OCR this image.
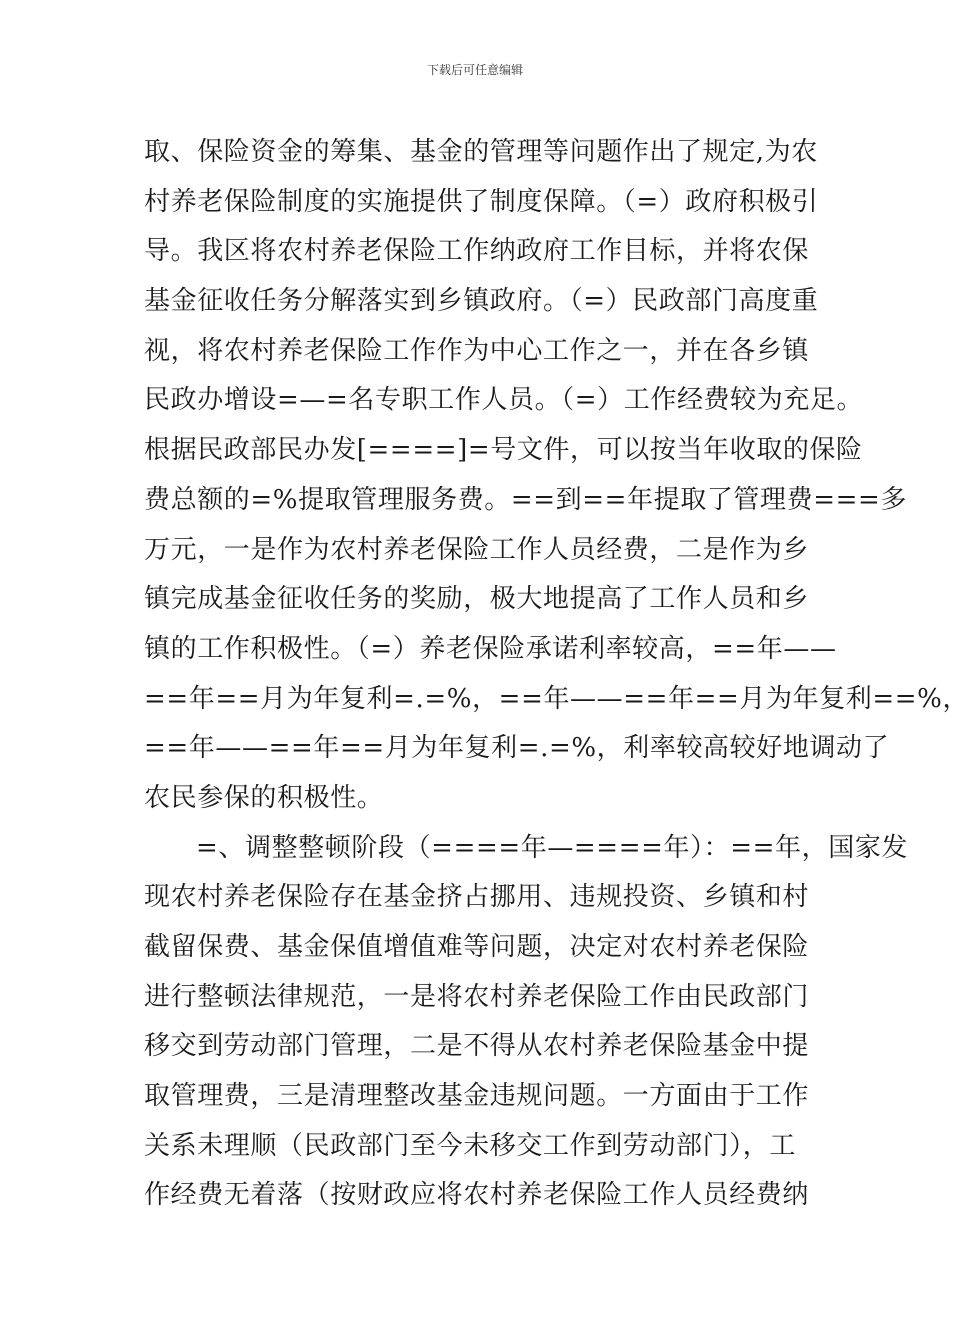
下载后可任意编辑
取、保险资金的筹集、基金的管理等问题作出了规定,为农
村养老保险制度的实施提供了制度保障。（=）政府积极引
导。我区将农村养老保险工作纳政府工作目标，并将农保
基金征收任务分解落实到乡镇政府。（=）民政部门高度重
视，将农村养老保险工作作为中心工作之一，并在各乡镇
民政办增设=—=名专职工作人员。（=）工作经费较为充足。
根据民政部民办发[====]=号文件，可以按当年收取的保险
费总额的=%提取管理服务费。==到==年提取了管理费===多
万元，一是作为农村养老保险工作人员经费，二是作为乡
镇完成基金征收任务的奖励，极大地提高了工作人员和乡
镇的工作积极性。（=）养老保险承诺利率较高，==年——
==年==月为年复利=.=%，==年——==年==月为年复利==%，
==年——==年==月为年复利=.=%，利率较高较好地调动了
农民参保的积极性。
=、调整整顿阶段（====年—====年）：==年，国家发
现农村养老保险存在基金挤占挪用、违规投资、乡镇和村
截留保费、基金保值增值难等问题，决定对农村养老保险
进行整顿法律规范，一是将农村养老保险工作由民政部门
移交到劳动部门管理，二是不得从农村养老保险基金中提
取管理费，三是清理整改基金违规问题。一方面由于工作
关系未理顺（民政部门至今未移交工作到劳动部门），工
作经费无着落（按财政应将农村养老保险工作人员经费纳
